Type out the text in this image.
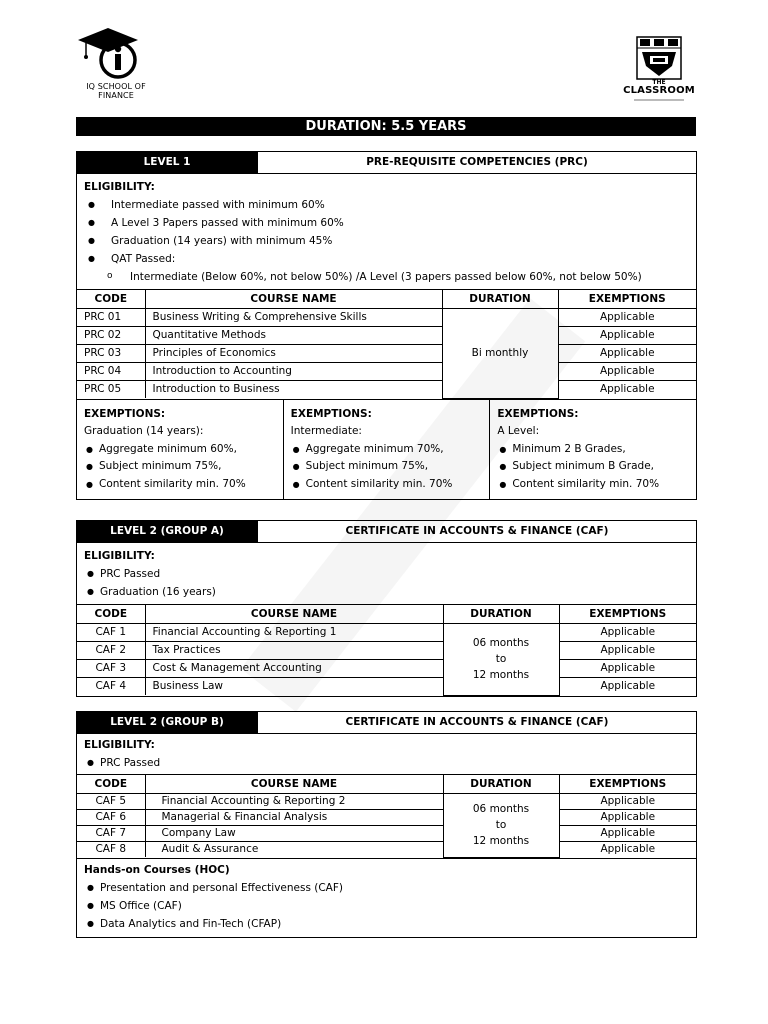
IQ SCHOOL OF
FINANCE
THE
CLASSROOM
DURATION: 5.5 YEARS
LEVEL 1	PRE-REQUISITE COMPETENCIES (PRC)
ELIGIBILITY:
● Intermediate passed with minimum 60%
● A Level 3 Papers passed with minimum 60%
● Graduation (14 years) with minimum 45%
● QAT Passed:
o Intermediate (Below 60%, not below 50%) /A Level (3 papers passed below 60%, not below 50%)
CODE	COURSE NAME	DURATION	EXEMPTIONS
PRC 01	Business Writing & Comprehensive Skills	Bi monthly	Applicable
PRC 02	Quantitative Methods		Applicable
PRC 03	Principles of Economics		Applicable
PRC 04	Introduction to Accounting		Applicable
PRC 05	Introduction to Business		Applicable
EXEMPTIONS:
Graduation (14 years):
● Aggregate minimum 60%,
● Subject minimum 75%,
● Content similarity min. 70%
EXEMPTIONS:
Intermediate:
● Aggregate minimum 70%,
● Subject minimum 75%,
● Content similarity min. 70%
EXEMPTIONS:
A Level:
● Minimum 2 B Grades,
● Subject minimum B Grade,
● Content similarity min. 70%
LEVEL 2 (GROUP A)	CERTIFICATE IN ACCOUNTS & FINANCE (CAF)
ELIGIBILITY:
● PRC Passed
● Graduation (16 years)
CODE	COURSE NAME	DURATION	EXEMPTIONS
CAF 1	Financial Accounting & Reporting 1	06 months
to
12 months	Applicable
CAF 2	Tax Practices		Applicable
CAF 3	Cost & Management Accounting		Applicable
CAF 4	Business Law		Applicable
LEVEL 2 (GROUP B)	CERTIFICATE IN ACCOUNTS & FINANCE (CAF)
ELIGIBILITY:
● PRC Passed
CODE	COURSE NAME	DURATION	EXEMPTIONS
CAF 5	Financial Accounting & Reporting 2	06 months
to
12 months	Applicable
CAF 6	Managerial & Financial Analysis		Applicable
CAF 7	Company Law		Applicable
CAF 8	Audit & Assurance		Applicable
Hands-on Courses (HOC)
● Presentation and personal Effectiveness (CAF)
● MS Office (CAF)
● Data Analytics and Fin-Tech (CFAP)
